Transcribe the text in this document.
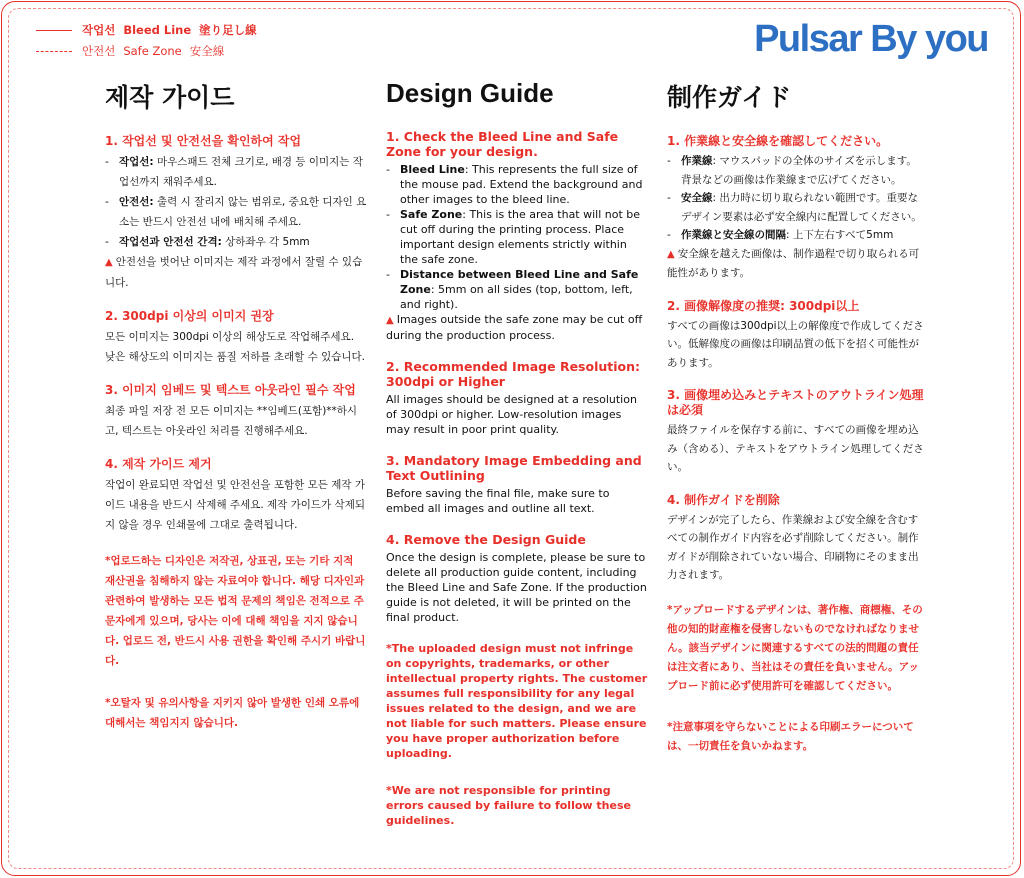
작업선 Bleed Line 塗り足し線
안전선 Safe Zone 安全線	Pulsar By you
제작 가이드
1. 작업선 및 안전선을 확인하여 작업
- 작업선: 마우스패드 전체 크기로, 배경 등 이미지는 작업선까지 채워주세요.
- 안전선: 출력 시 잘리지 않는 범위로, 중요한 디자인 요소는 반드시 안전선 내에 배치해 주세요.
- 작업선과 안전선 간격: 상하좌우 각 5mm
▲ 안전선을 벗어난 이미지는 제작 과정에서 잘릴 수 있습니다.
2. 300dpi 이상의 이미지 권장

모든 이미지는 300dpi 이상의 해상도로 작업해주세요. 낮은 해상도의 이미지는 품질 저하를 초래할 수 있습니다.

3. 이미지 임베드 및 텍스트 아웃라인 필수 작업

최종 파일 저장 전 모든 이미지는 **임베드(포함)**하시고, 텍스트는 아웃라인 처리를 진행해주세요.

4. 제작 가이드 제거

작업이 완료되면 작업선 및 안전선을 포함한 모든 제작 가이드 내용을 반드시 삭제해 주세요. 제작 가이드가 삭제되지 않을 경우 인쇄물에 그대로 출력됩니다.

*업로드하는 디자인은 저작권, 상표권, 또는 기타 지적 재산권을 침해하지 않는 자료여야 합니다. 해당 디자인과 관련하여 발생하는 모든 법적 문제의 책임은 전적으로 주문자에게 있으며, 당사는 이에 대해 책임을 지지 않습니다. 업로드 전, 반드시 사용 권한을 확인해 주시기 바랍니다.

*오탈자 및 유의사항을 지키지 않아 발생한 인쇄 오류에 대해서는 책임지지 않습니다.

Design Guide
1. Check the Bleed Line and Safe Zone for your design.
- Bleed Line: This represents the full size of the mouse pad. Extend the background and other images to the bleed line.
- Safe Zone: This is the area that will not be cut off during the printing process. Place important design elements strictly within the safe zone.
- Distance between Bleed Line and Safe Zone: 5mm on all sides (top, bottom, left, and right).
▲ Images outside the safe zone may be cut off during the production process.
2. Recommended Image Resolution: 300dpi or Higher

All images should be designed at a resolution of 300dpi or higher. Low-resolution images may result in poor print quality.

3. Mandatory Image Embedding and Text Outlining

Before saving the final file, make sure to embed all images and outline all text.

4. Remove the Design Guide

Once the design is complete, please be sure to delete all production guide content, including the Bleed Line and Safe Zone. If the production guide is not deleted, it will be printed on the final product.

*The uploaded design must not infringe on copyrights, trademarks, or other intellectual property rights. The customer assumes full responsibility for any legal issues related to the design, and we are not liable for such matters. Please ensure you have proper authorization before uploading.

*We are not responsible for printing errors caused by failure to follow these guidelines.

制作ガイド
1. 作業線と安全線を確認してください。
- 作業線: マウスパッドの全体のサイズを示します。背景などの画像は作業線まで広げてください。
- 安全線: 出力時に切り取られない範囲です。重要なデザイン要素は必ず安全線内に配置してください。
- 作業線と安全線の間隔: 上下左右すべて5mm
▲ 安全線を越えた画像は、制作過程で切り取られる可能性があります。
2. 画像解像度の推奨: 300dpi以上

すべての画像は300dpi以上の解像度で作成してください。低解像度の画像は印刷品質の低下を招く可能性があります。

3. 画像埋め込みとテキストのアウトライン処理は必須

最終ファイルを保存する前に、すべての画像を埋め込み（含める）、テキストをアウトライン処理してください。

4. 制作ガイドを削除

デザインが完了したら、作業線および安全線を含むすべての制作ガイド内容を必ず削除してください。制作ガイドが削除されていない場合、印刷物にそのまま出力されます。

*アップロードするデザインは、著作権、商標権、その他の知的財産権を侵害しないものでなければなりません。該当デザインに関連するすべての法的問題の責任は注文者にあり、当社はその責任を負いません。アップロード前に必ず使用許可を確認してください。

*注意事項を守らないことによる印刷エラーについては、一切責任を負いかねます。
